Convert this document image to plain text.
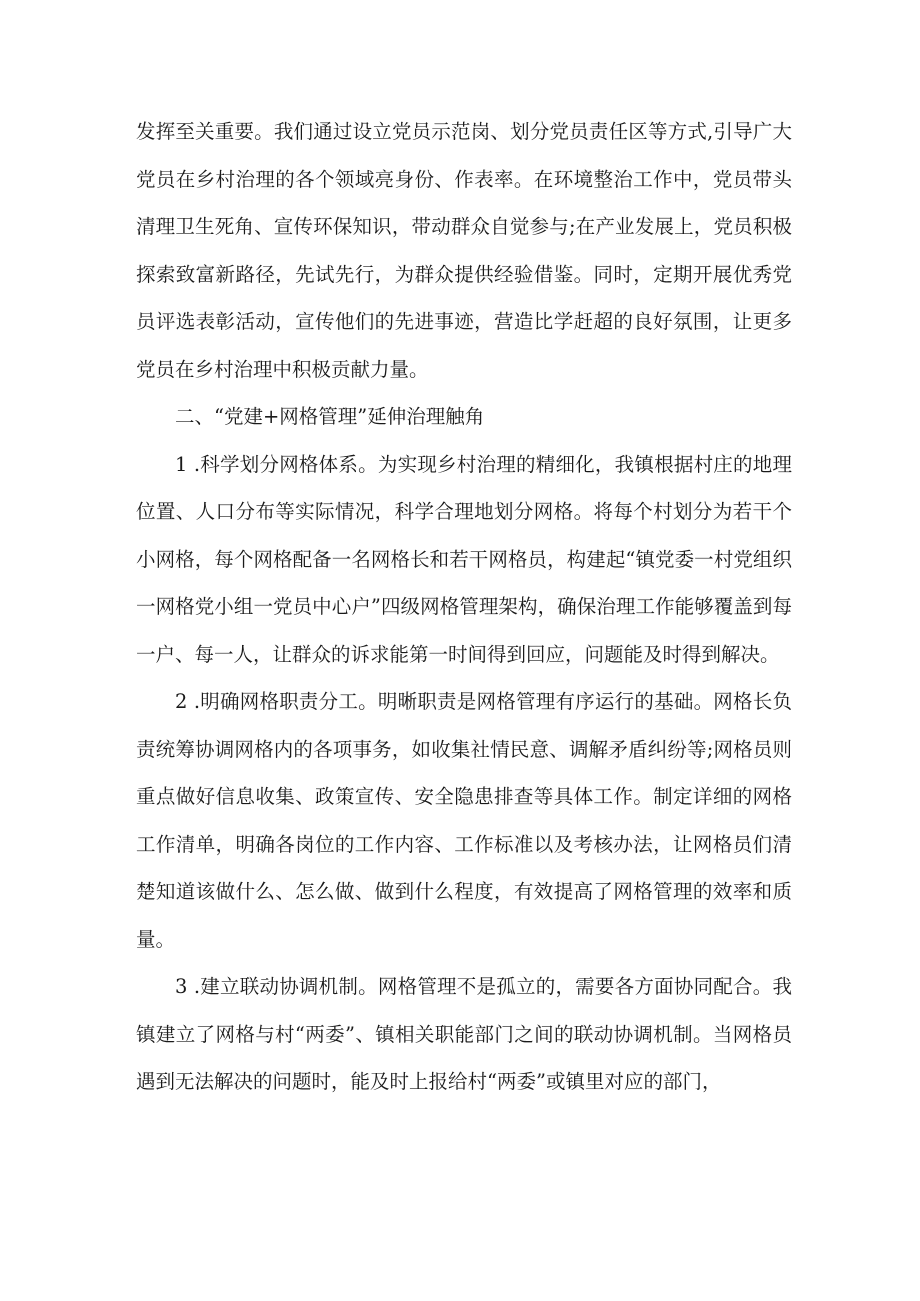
发挥至关重要。我们通过设立党员示范岗、划分党员责任区等方式,引导广大党员在乡村治理的各个领域亮身份、作表率。在环境整治工作中，党员带头清理卫生死角、宣传环保知识，带动群众自觉参与;在产业发展上，党员积极探索致富新路径，先试先行，为群众提供经验借鉴。同时，定期开展优秀党员评选表彰活动，宣传他们的先进事迹，营造比学赶超的良好氛围，让更多党员在乡村治理中积极贡献力量。

二、“党建+网格管理”延伸治理触角

1 .科学划分网格体系。为实现乡村治理的精细化，我镇根据村庄的地理位置、人口分布等实际情况，科学合理地划分网格。将每个村划分为若干个小网格，每个网格配备一名网格长和若干网格员，构建起“镇党委一村党组织一网格党小组一党员中心户”四级网格管理架构，确保治理工作能够覆盖到每一户、每一人，让群众的诉求能第一时间得到回应，问题能及时得到解决。

2 .明确网格职责分工。明晰职责是网格管理有序运行的基础。网格长负责统筹协调网格内的各项事务，如收集社情民意、调解矛盾纠纷等;网格员则重点做好信息收集、政策宣传、安全隐患排查等具体工作。制定详细的网格工作清单，明确各岗位的工作内容、工作标准以及考核办法，让网格员们清楚知道该做什么、怎么做、做到什么程度，有效提高了网格管理的效率和质量。

3 .建立联动协调机制。网格管理不是孤立的，需要各方面协同配合。我镇建立了网格与村“两委”、镇相关职能部门之间的联动协调机制。当网格员遇到无法解决的问题时，能及时上报给村“两委”或镇里对应的部门，
